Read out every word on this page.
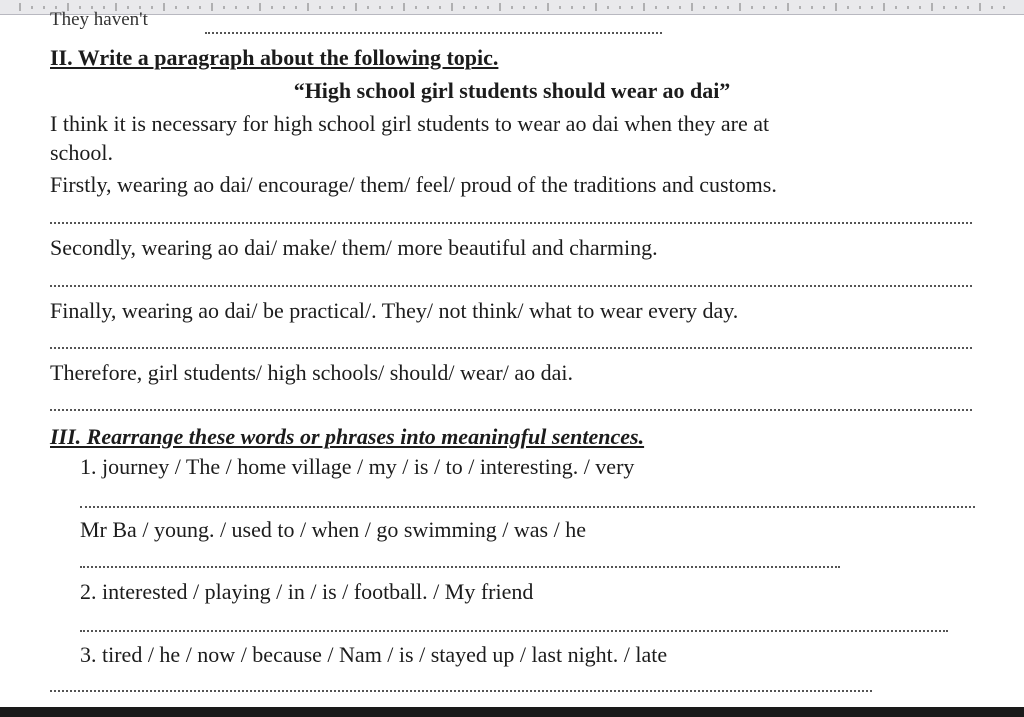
They haven't
II. Write a paragraph about the following topic.
“High school girl students should wear ao dai”
I think it is necessary for high school girl students to wear ao dai when they are at
school.
Firstly, wearing ao dai/ encourage/ them/ feel/ proud of the traditions and customs.
Secondly, wearing ao dai/ make/ them/ more beautiful and charming.
Finally, wearing ao dai/ be practical/. They/ not think/ what to wear every day.
Therefore, girl students/ high schools/ should/ wear/ ao dai.
III. Rearrange these words or phrases into meaningful sentences.
1. journey / The / home village / my / is / to / interesting. / very
Mr Ba / young. / used to / when / go swimming / was / he
2. interested / playing / in / is / football. / My friend
3. tired / he / now / because / Nam / is / stayed up / last night. / late
